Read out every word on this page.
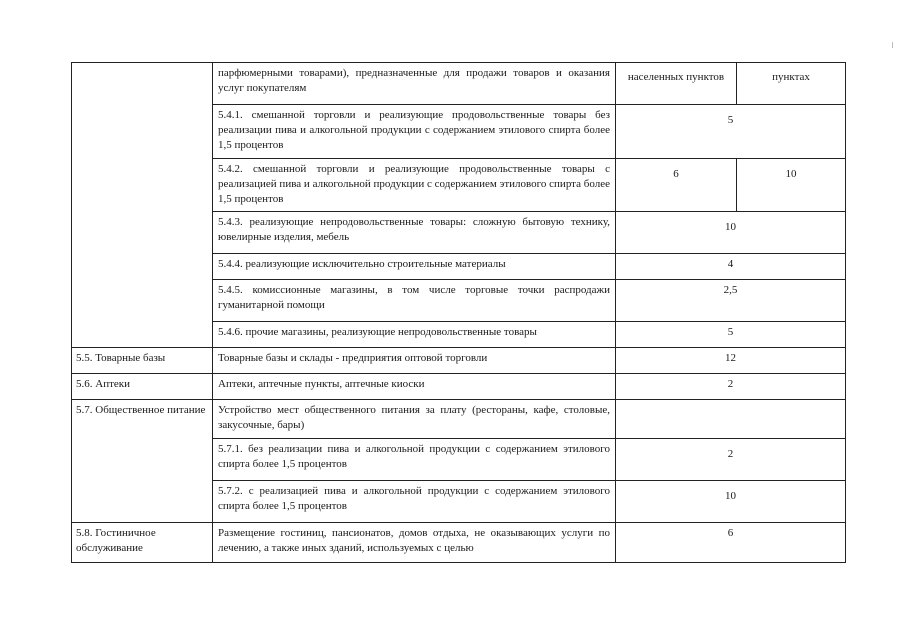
	парфюмерными товарами), предназначенные для продажи товаров и оказания услуг покупателям	населенных пунктов	пунктах
	5.4.1. смешанной торговли и реализующие продовольственные товары без реализации пива и алкогольной продукции с содержанием этилового спирта более 1,5 процентов	5	
	5.4.2. смешанной торговли и реализующие продовольственные товары с реализацией пива и алкогольной продукции с содержанием этилового спирта более 1,5 процентов	6	10
	5.4.3. реализующие непродовольственные товары: сложную бытовую технику, ювелирные изделия, мебель	10	
	5.4.4. реализующие исключительно строительные материалы	4	
	5.4.5. комиссионные магазины, в том числе торговые точки распродажи гуманитарной помощи	2,5	
	5.4.6. прочие магазины, реализующие непродовольственные товары	5	
5.5. Товарные базы	Товарные базы и склады - предприятия оптовой торговли	12	
5.6. Аптеки	Аптеки, аптечные пункты, аптечные киоски	2	
5.7. Общественное питание	Устройство мест общественного питания за плату (рестораны, кафе, столовые, закусочные, бары)		
	5.7.1. без реализации пива и алкогольной продукции с содержанием этилового спирта более 1,5 процентов	2	
	5.7.2. с реализацией пива и алкогольной продукции с содержанием этилового спирта более 1,5 процентов	10	
5.8. Гостиничное обслуживание	Размещение гостиниц, пансионатов, домов отдыха, не оказывающих услуги по лечению, а также иных зданий, используемых с целью	6	
